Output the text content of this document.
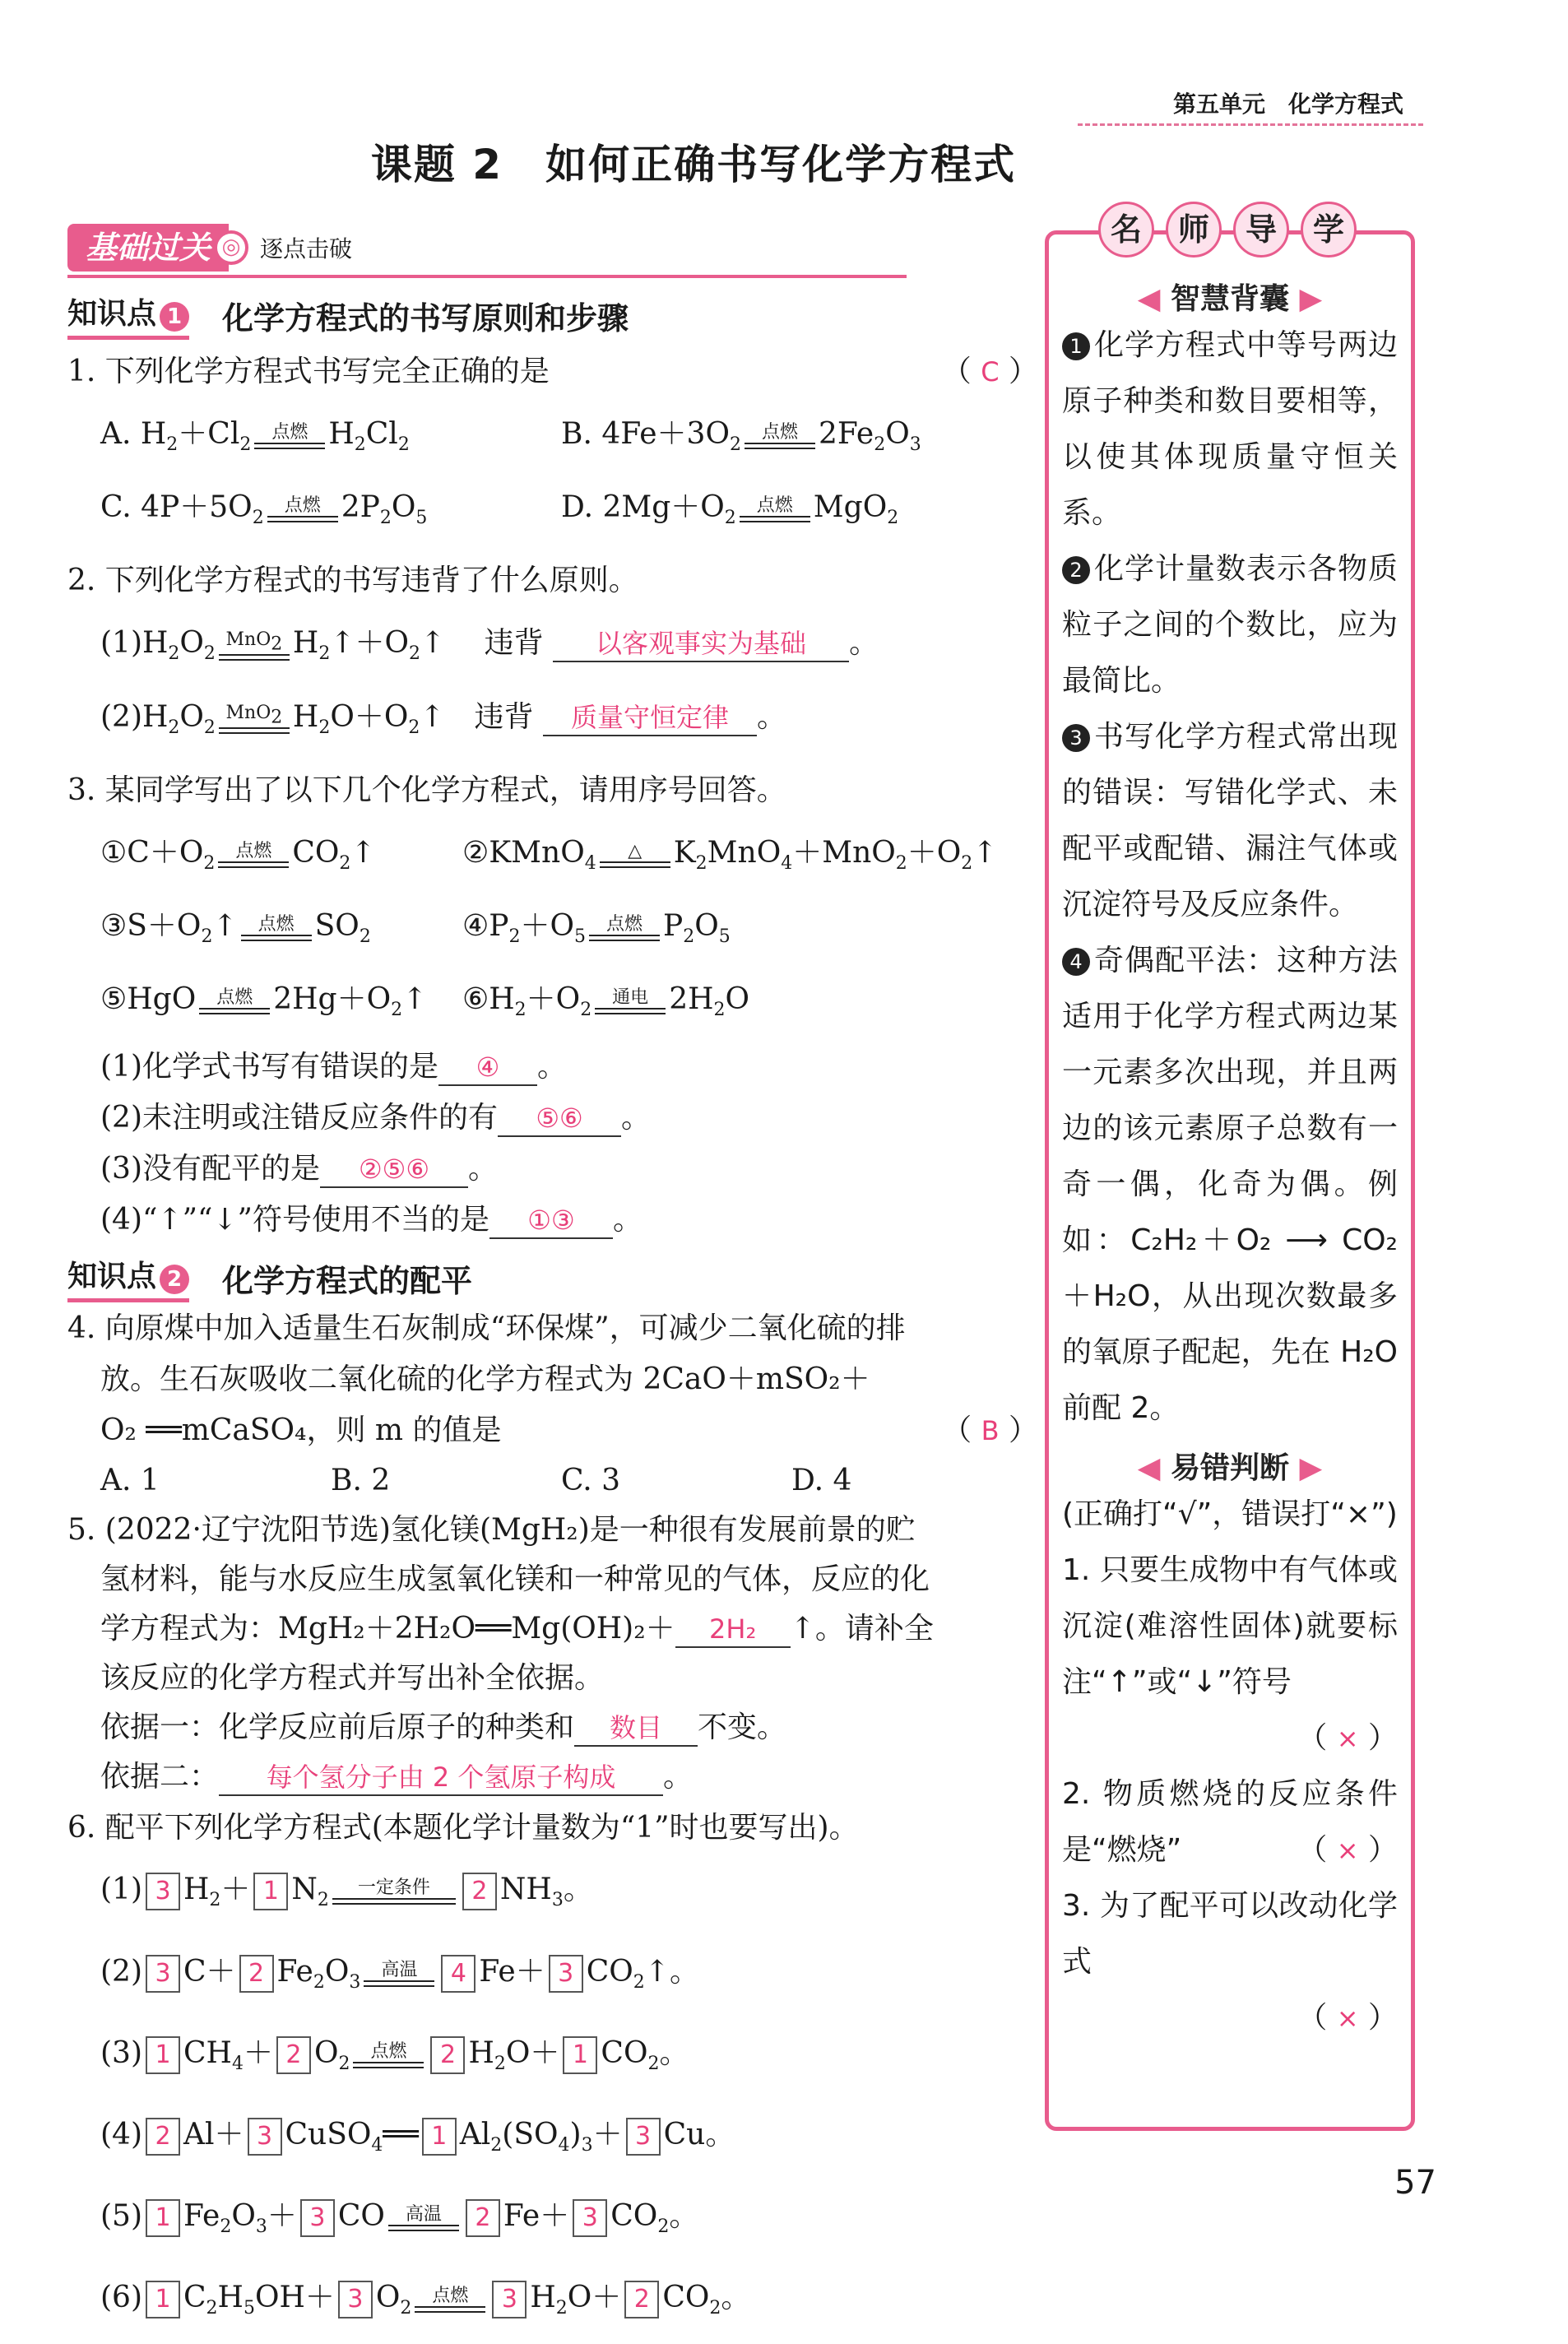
第五单元　化学方程式
课题 2　如何正确书写化学方程式
基础过关 ◎ 逐点击破
知识点 1 化学方程式的书写原则和步骤
1. 下列化学方程式书写完全正确的是	（ C ）
A. $H_2+Cl_2$
点燃 $H_2Cl_2$	B. $4Fe+3O_2$
点燃 $2Fe_2O_3$
C. $4P+5O_2$
点燃 $2P_2O_5$	D. $2Mg+O_2$
点燃 MgO$_2$
2. 下列化学方程式的书写违背了什么原则。
$(1)H_2O_2$
MnO$_2$ $H_2↑+O_2↑$　 违背 以客观事实为基础 。
$(2)H_2O_2$
MnO$_2$ $H_2O+O_2↑$　违背 质量守恒定律 。
3. 某同学写出了以下几个化学方程式，请用序号回答。
$①C+O_2$
点燃 $CO_2↑$	②KMnO$_4$
△ $K_2MnO_4+MnO_2+O_2↑$
$③S+O_2↑$ 点燃 $SO_2$	$④P_2+O_5$
点燃 $P_2O_5$
⑤HgO 点燃 $2Hg+O_2↑$ $⑥H_2+O_2$
通电 $2H_2O$
(1)化学式书写有错误的是 ④ 。
(2)未注明或注错反应条件的有 ⑤⑥ 。
(3)没有配平的是 ②⑤⑥ 。
(4)“↑”“↓”符号使用不当的是 ①③ 。
知识点 2 化学方程式的配平
4. 向原煤中加入适量生石灰制成“环保煤”，可减少二氧化硫的排
放。生石灰吸收二氧化硫的化学方程式为 2CaO＋mSO₂＋
O₂ ══mCaSO₄，则 m 的值是	（ B ）
A. 1	B. 2	C. 3	D. 4
5. (2022·辽宁沈阳节选)氢化镁(MgH₂)是一种很有发展前景的贮
氢材料，能与水反应生成氢氧化镁和一种常见的气体，反应的化
学方程式为：MgH₂＋2H₂O══Mg(OH)₂＋ 2H₂ ↑。请补全
该反应的化学方程式并写出补全依据。
依据一：化学反应前后原子的种类和 数目 不变。
依据二： 每个氢分子由 2 个氢原子构成 。
6. 配平下列化学方程式(本题化学计量数为“1”时也要写出)。
(1) 3 $H_2+ 1$ $N_2$
一定条件 2 $NH_3$。
(2) 3 C＋ 2 $Fe_2O_3$
高温 4 Fe＋ 3 $CO_2↑$。
(3) 1 $CH_4+ 2$ $O_2$
点燃 2 $H_2O+ 1$ $CO_2$。
(4) 2 Al＋ 3 CuSO$_4$══ 1 $Al_2(SO_4)_3+ 3$ Cu。
(5) 1 $Fe_2O_3+ 3$ CO 高温 2 Fe＋ 3 $CO_2$。
(6) 1 $C_2H_5OH+ 3$ $O_2$
点燃 3 $H_2O+ 2$ $CO_2$。
◀ 智慧背囊 ▶
1 化学方程式中等号两边原子种类和数目要相等，以使其体现质量守恒关系。
2 化学计量数表示各物质粒子之间的个数比，应为最简比。
3 书写化学方程式常出现的错误：写错化学式、未配平或配错、漏注气体或沉淀符号及反应条件。
4 奇偶配平法：这种方法适用于化学方程式两边某一元素多次出现，并且两边的该元素原子总数有一奇一偶，化奇为偶。例如：C₂H₂＋O₂ ⟶ CO₂＋H₂O，从出现次数最多的氧原子配起，先在 H₂O 前配 2。
◀ 易错判断 ▶
(正确打“√”，错误打“×”)
1. 只要生成物中有气体或沉淀(难溶性固体)就要标注“↑”或“↓”符号
（ × ）
2. 物质燃烧的反应条件是“燃烧”	（ × ）
3. 为了配平可以改动化学式
（ × ）
名	师	导	学
57
